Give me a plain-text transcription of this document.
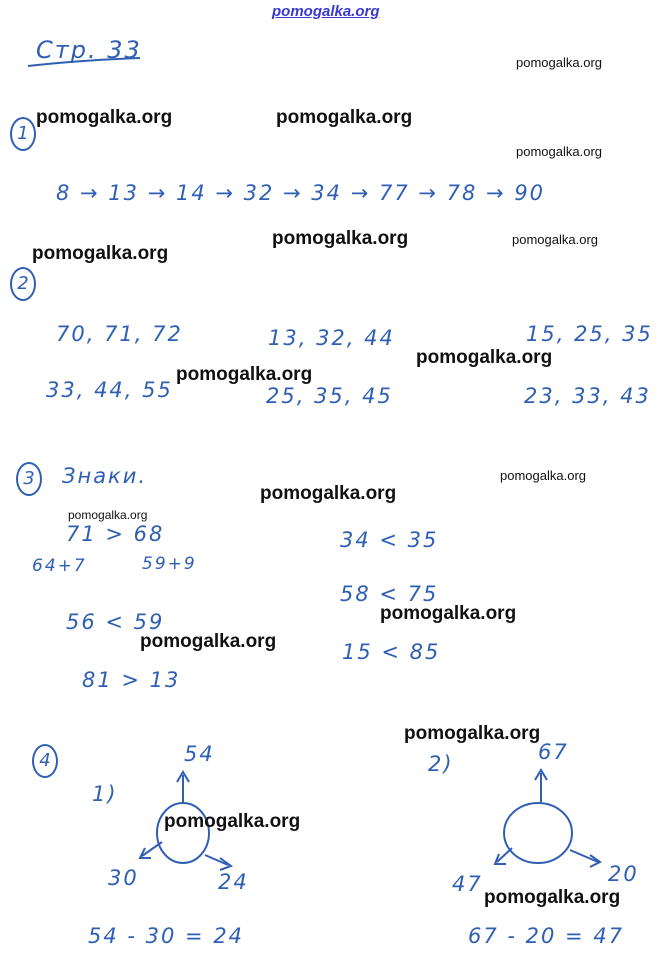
pomogalka.org
Стр. 33
1
8 → 13 → 14 → 32 → 34 → 77 → 78 → 90
2
70, 71, 72	13, 32, 44	15, 25, 35
33, 44, 55	25, 35, 45	23, 33, 43
3	Знаки.
71 > 68
64+7	59+9
56 < 59
81 > 13
34 < 35
58 < 75
15 < 85
4
1)
54
30	24
54 - 30 = 24
2)	67
47	20
67 - 20 = 47
pomogalka.org
pomogalka.org	pomogalka.org
pomogalka.org
pomogalka.org	pomogalka.org
pomogalka.org
pomogalka.org
pomogalka.org
pomogalka.org
pomogalka.org
pomogalka.org
pomogalka.org
pomogalka.org
pomogalka.org
pomogalka.org
pomogalka.org
